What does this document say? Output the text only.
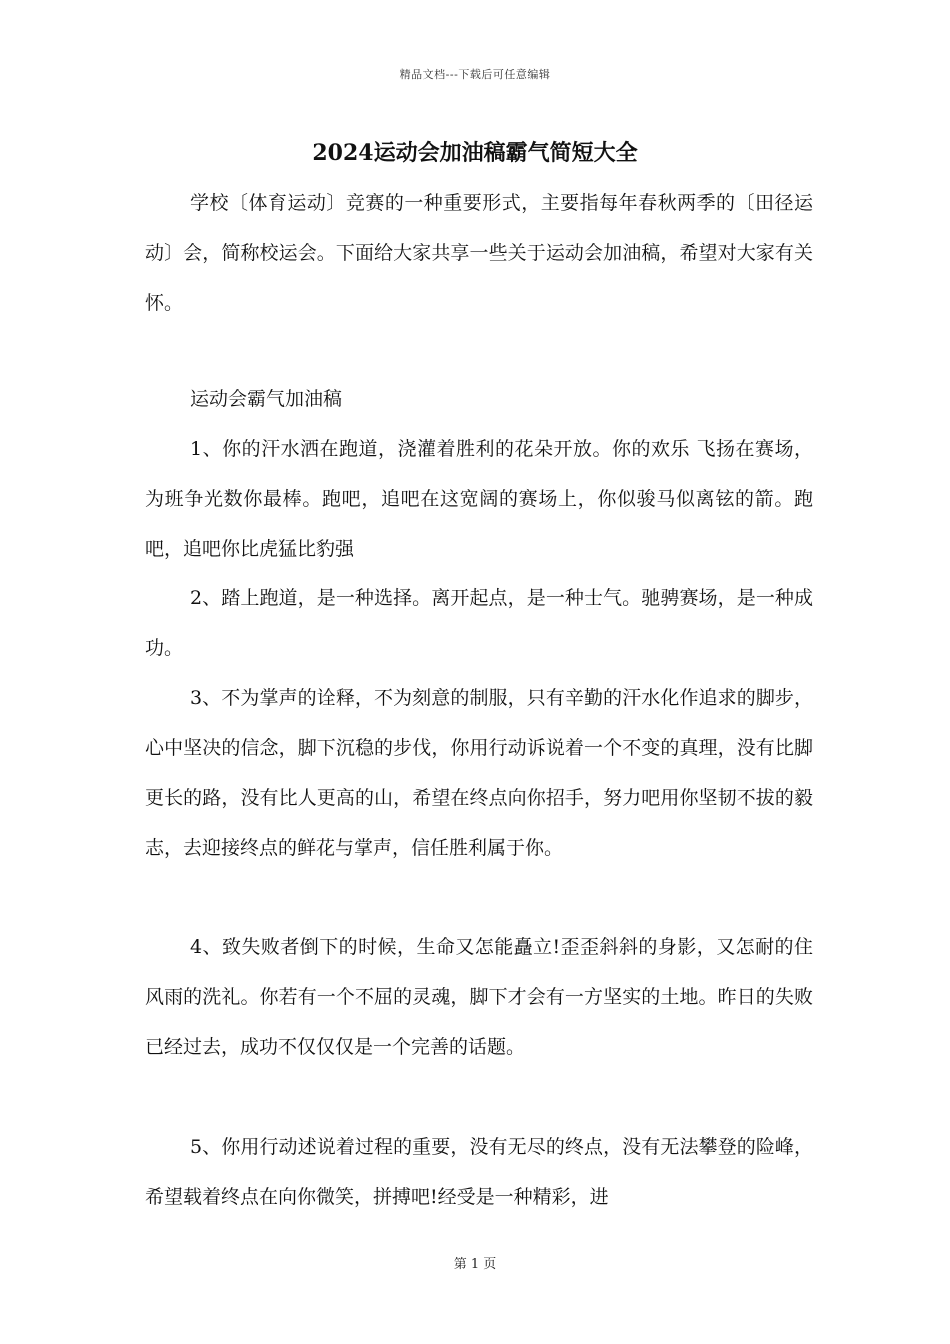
精品文档---下载后可任意编辑
2024运动会加油稿霸气简短大全

学校〔体育运动〕竞赛的一种重要形式，主要指每年春秋两季的〔田径运动〕会，简称校运会。下面给大家共享一些关于运动会加油稿，希望对大家有关怀。

运动会霸气加油稿

1、你的汗水洒在跑道，浇灌着胜利的花朵开放。你的欢乐 飞扬在赛场，为班争光数你最棒。跑吧，追吧在这宽阔的赛场上，你似骏马似离铉的箭。跑吧，追吧你比虎猛比豹强

2、踏上跑道，是一种选择。离开起点，是一种士气。驰骋赛场，是一种成功。

3、不为掌声的诠释，不为刻意的制服，只有辛勤的汗水化作追求的脚步，心中坚决的信念，脚下沉稳的步伐，你用行动诉说着一个不变的真理，没有比脚更长的路，没有比人更高的山，希望在终点向你招手，努力吧用你坚韧不拔的毅志，去迎接终点的鲜花与掌声，信任胜利属于你。

4、致失败者倒下的时候，生命又怎能矗立!歪歪斜斜的身影，又怎耐的住风雨的洗礼。你若有一个不屈的灵魂，脚下才会有一方坚实的土地。昨日的失败已经过去，成功不仅仅仅是一个完善的话题。

5、你用行动述说着过程的重要，没有无尽的终点，没有无法攀登的险峰，希望载着终点在向你微笑，拼搏吧!经受是一种精彩，进

第 1 页
